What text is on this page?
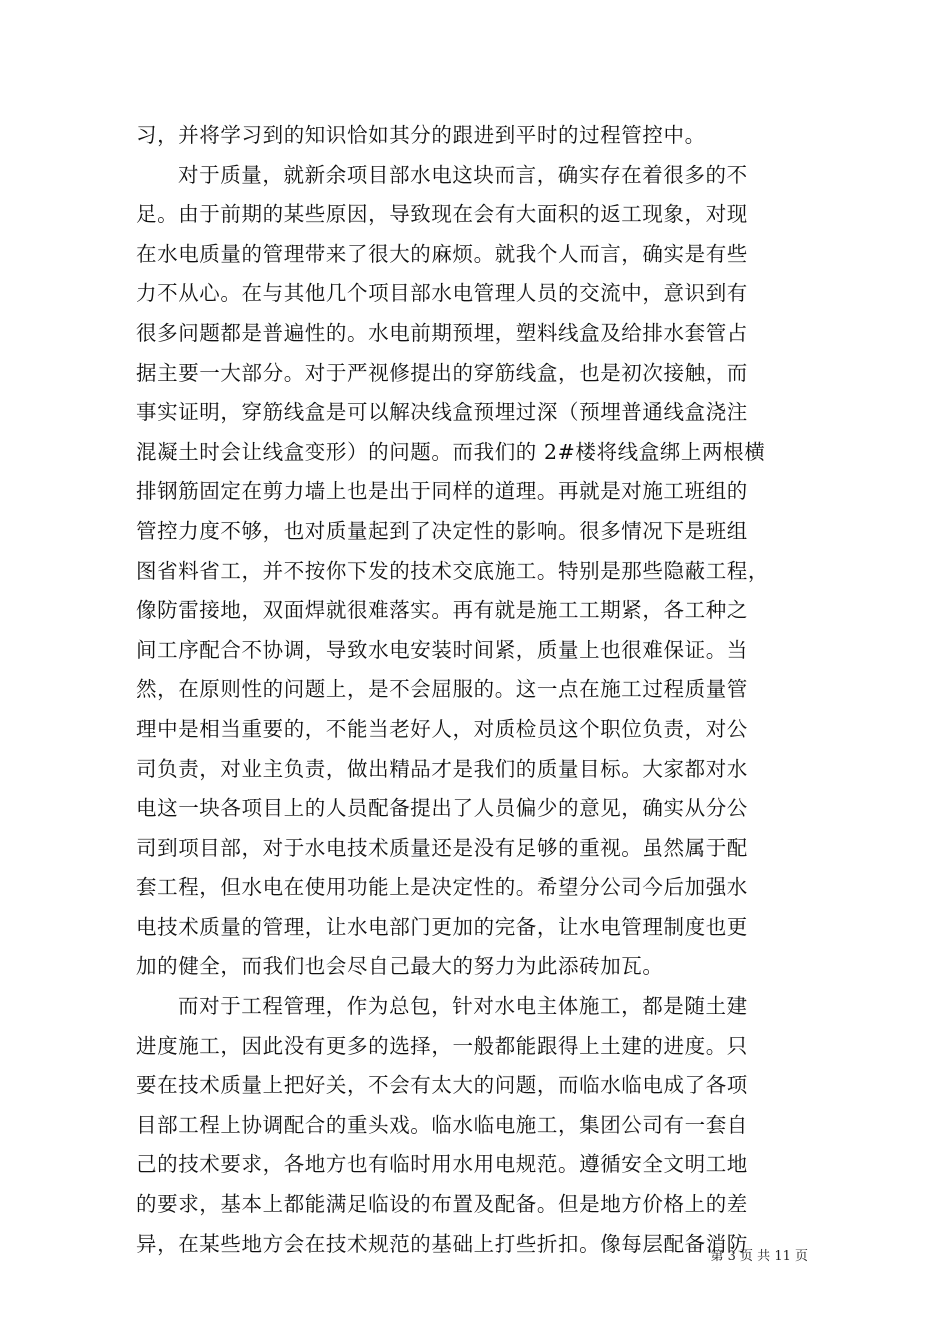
习，并将学习到的知识恰如其分的跟进到平时的过程管控中。
对于质量，就新余项目部水电这块而言，确实存在着很多的不
足。由于前期的某些原因，导致现在会有大面积的返工现象，对现
在水电质量的管理带来了很大的麻烦。就我个人而言，确实是有些
力不从心。在与其他几个项目部水电管理人员的交流中，意识到有
很多问题都是普遍性的。水电前期预埋，塑料线盒及给排水套管占
据主要一大部分。对于严视修提出的穿筋线盒，也是初次接触，而
事实证明，穿筋线盒是可以解决线盒预埋过深（预埋普通线盒浇注
混凝土时会让线盒变形）的问题。而我们的 2#楼将线盒绑上两根横
排钢筋固定在剪力墙上也是出于同样的道理。再就是对施工班组的
管控力度不够，也对质量起到了决定性的影响。很多情况下是班组
图省料省工，并不按你下发的技术交底施工。特别是那些隐蔽工程，
像防雷接地，双面焊就很难落实。再有就是施工工期紧，各工种之
间工序配合不协调，导致水电安装时间紧，质量上也很难保证。当
然，在原则性的问题上，是不会屈服的。这一点在施工过程质量管
理中是相当重要的，不能当老好人，对质检员这个职位负责，对公
司负责，对业主负责，做出精品才是我们的质量目标。大家都对水
电这一块各项目上的人员配备提出了人员偏少的意见，确实从分公
司到项目部，对于水电技术质量还是没有足够的重视。虽然属于配
套工程，但水电在使用功能上是决定性的。希望分公司今后加强水
电技术质量的管理，让水电部门更加的完备，让水电管理制度也更
加的健全，而我们也会尽自己最大的努力为此添砖加瓦。
而对于工程管理，作为总包，针对水电主体施工，都是随土建
进度施工，因此没有更多的选择，一般都能跟得上土建的进度。只
要在技术质量上把好关，不会有太大的问题，而临水临电成了各项
目部工程上协调配合的重头戏。临水临电施工，集团公司有一套自
己的技术要求，各地方也有临时用水用电规范。遵循安全文明工地
的要求，基本上都能满足临设的布置及配备。但是地方价格上的差
异，在某些地方会在技术规范的基础上打些折扣。像每层配备消防
第 3 页 共 11 页
